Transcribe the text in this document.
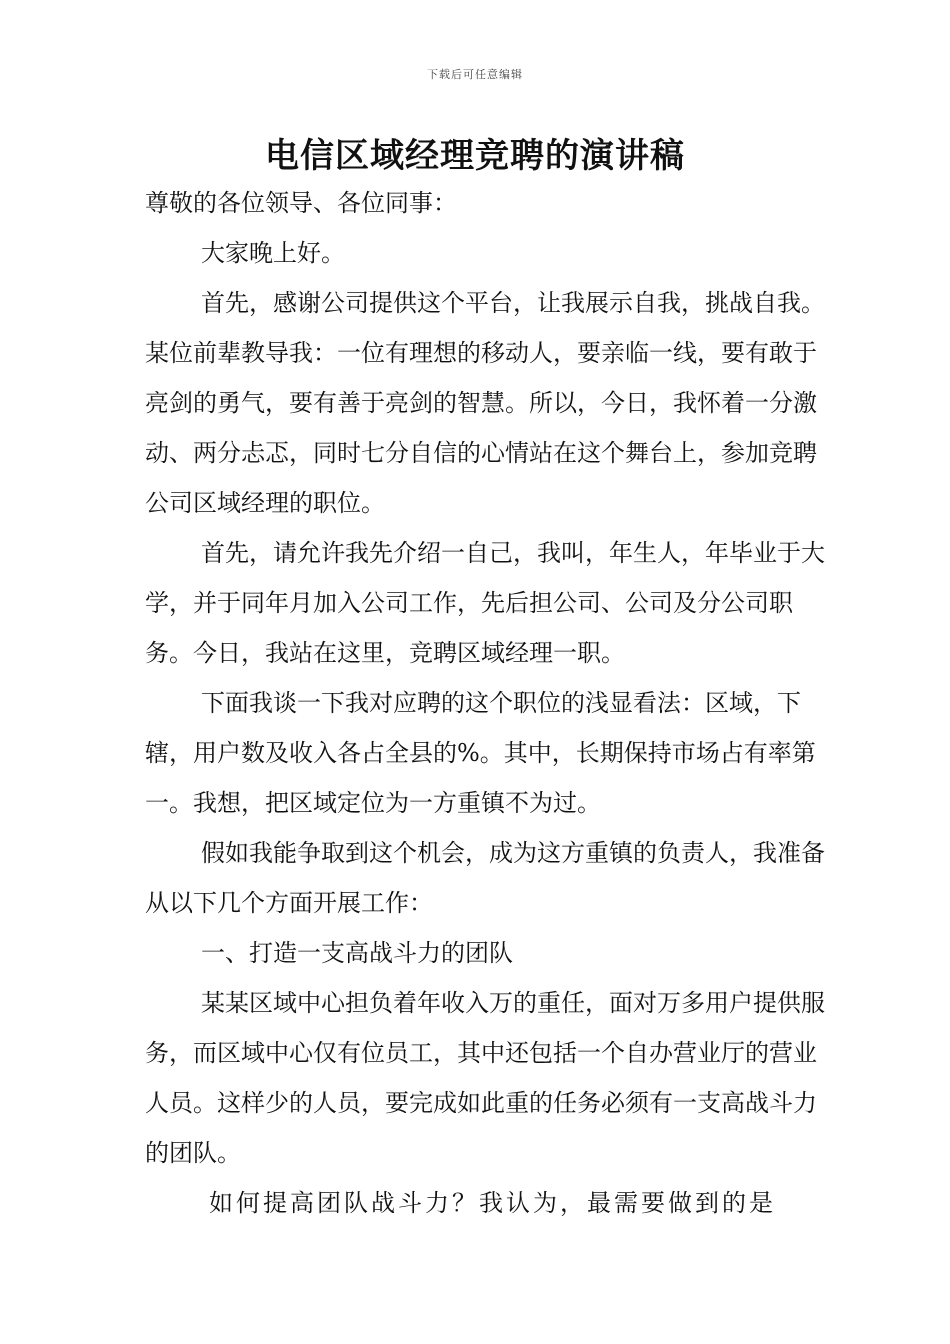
下载后可任意编辑
电信区域经理竞聘的演讲稿

尊敬的各位领导、各位同事：

大家晚上好。

首先，感谢公司提供这个平台，让我展示自我，挑战自我。某位前辈教导我：一位有理想的移动人，要亲临一线，要有敢于亮剑的勇气，要有善于亮剑的智慧。所以，今日，我怀着一分激动、两分忐忑，同时七分自信的心情站在这个舞台上，参加竞聘公司区域经理的职位。

首先，请允许我先介绍一自己，我叫，年生人，年毕业于大学，并于同年月加入公司工作，先后担公司、公司及分公司职务。今日，我站在这里，竞聘区域经理一职。

下面我谈一下我对应聘的这个职位的浅显看法：区域，下辖，用户数及收入各占全县的%。其中，长期保持市场占有率第一。我想，把区域定位为一方重镇不为过。

假如我能争取到这个机会，成为这方重镇的负责人，我准备从以下几个方面开展工作：

一、打造一支高战斗力的团队

某某区域中心担负着年收入万的重任，面对万多用户提供服务，而区域中心仅有位员工，其中还包括一个自办营业厅的营业人员。这样少的人员，要完成如此重的任务必须有一支高战斗力的团队。

如何提高团队战斗力？我认为，最需要做到的是
